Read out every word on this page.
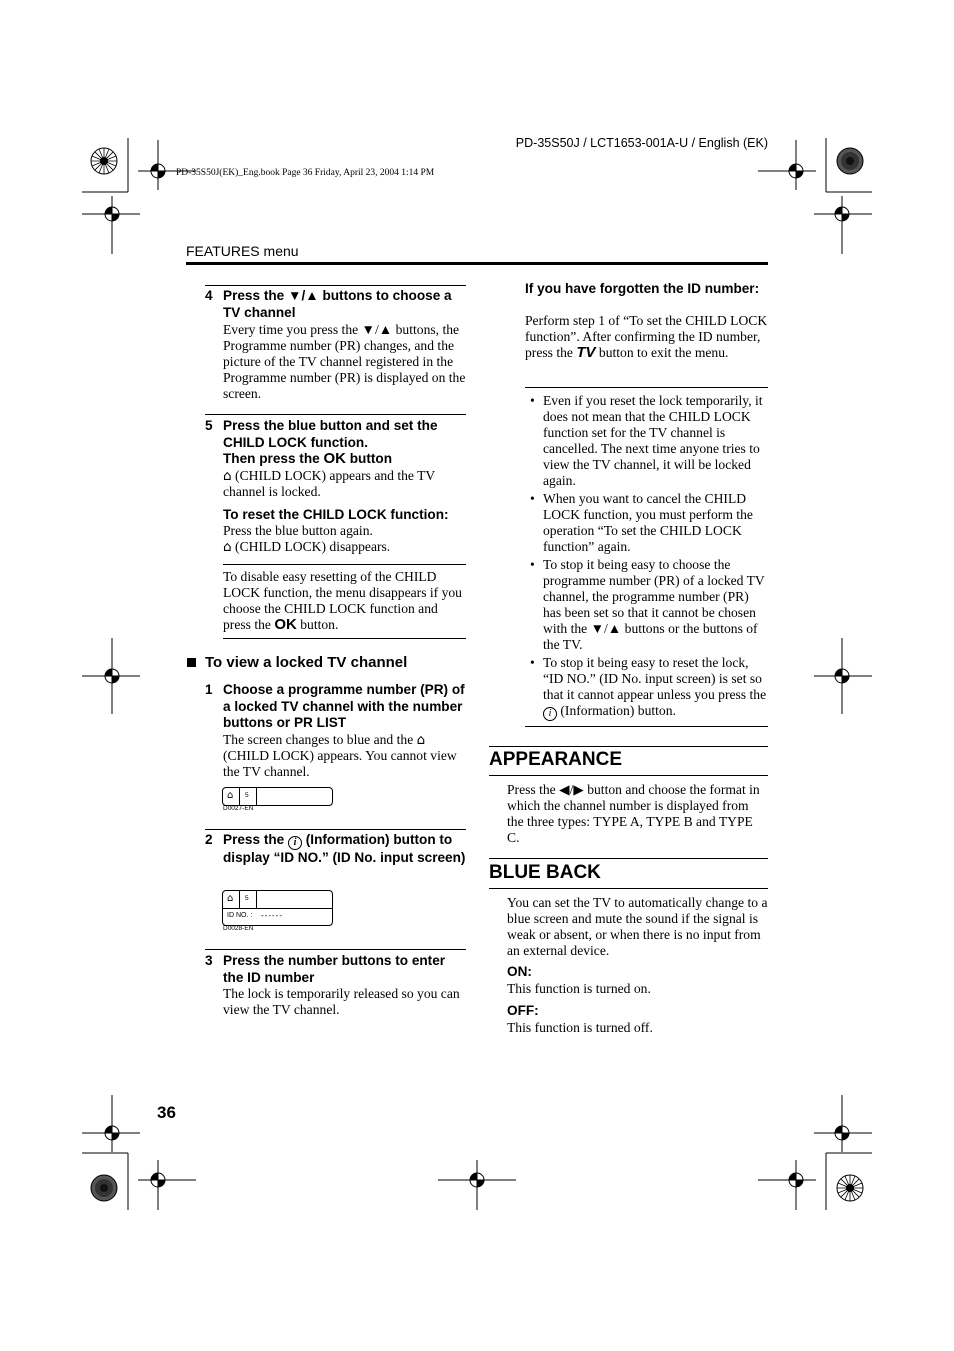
PD-35S50J / LCT1653-001A-U / English (EK)
PD-35S50J(EK)_Eng.book Page 36 Friday, April 23, 2004 1:14 PM
FEATURES menu
4 Press the ▼/▲ buttons to choose a TV channel
Every time you press the ▼/▲ buttons, the Programme number (PR) changes, and the picture of the TV channel registered in the Programme number (PR) is displayed on the screen.
5 Press the blue button and set the CHILD LOCK function.
Then press the OK button
⌂ (CHILD LOCK) appears and the TV channel is locked.
To reset the CHILD LOCK function:
Press the blue button again.
⌂ (CHILD LOCK) disappears.
To disable easy resetting of the CHILD LOCK function, the menu disappears if you choose the CHILD LOCK function and press the OK button.
To view a locked TV channel
1 Choose a programme number (PR) of a locked TV channel with the number buttons or PR LIST
The screen changes to blue and the ⌂ (CHILD LOCK) appears. You cannot view the TV channel.
⌂ 5
D0027-EN
2 Press the i (Information) button to display “ID NO.” (ID No. input screen)
⌂ 5
ID NO. : ------
D0028-EN
3 Press the number buttons to enter the ID number
The lock is temporarily released so you can view the TV channel.
If you have forgotten the ID number:
Perform step 1 of “To set the CHILD LOCK function”. After confirming the ID number, press the TV button to exit the menu.
• Even if you reset the lock temporarily, it does not mean that the CHILD LOCK function set for the TV channel is cancelled. The next time anyone tries to view the TV channel, it will be locked again.
• When you want to cancel the CHILD LOCK function, you must perform the operation “To set the CHILD LOCK function” again.
• To stop it being easy to choose the programme number (PR) of a locked TV channel, the programme number (PR) has been set so that it cannot be chosen with the ▼/▲ buttons or the buttons of the TV.
• To stop it being easy to reset the lock, “ID NO.” (ID No. input screen) is set so that it cannot appear unless you press the i (Information) button.
APPEARANCE
Press the ◀/▶ button and choose the format in which the channel number is displayed from the three types: TYPE A, TYPE B and TYPE C.
BLUE BACK
You can set the TV to automatically change to a blue screen and mute the sound if the signal is weak or absent, or when there is no input from an external device.
ON:
This function is turned on.
OFF:
This function is turned off.
36
